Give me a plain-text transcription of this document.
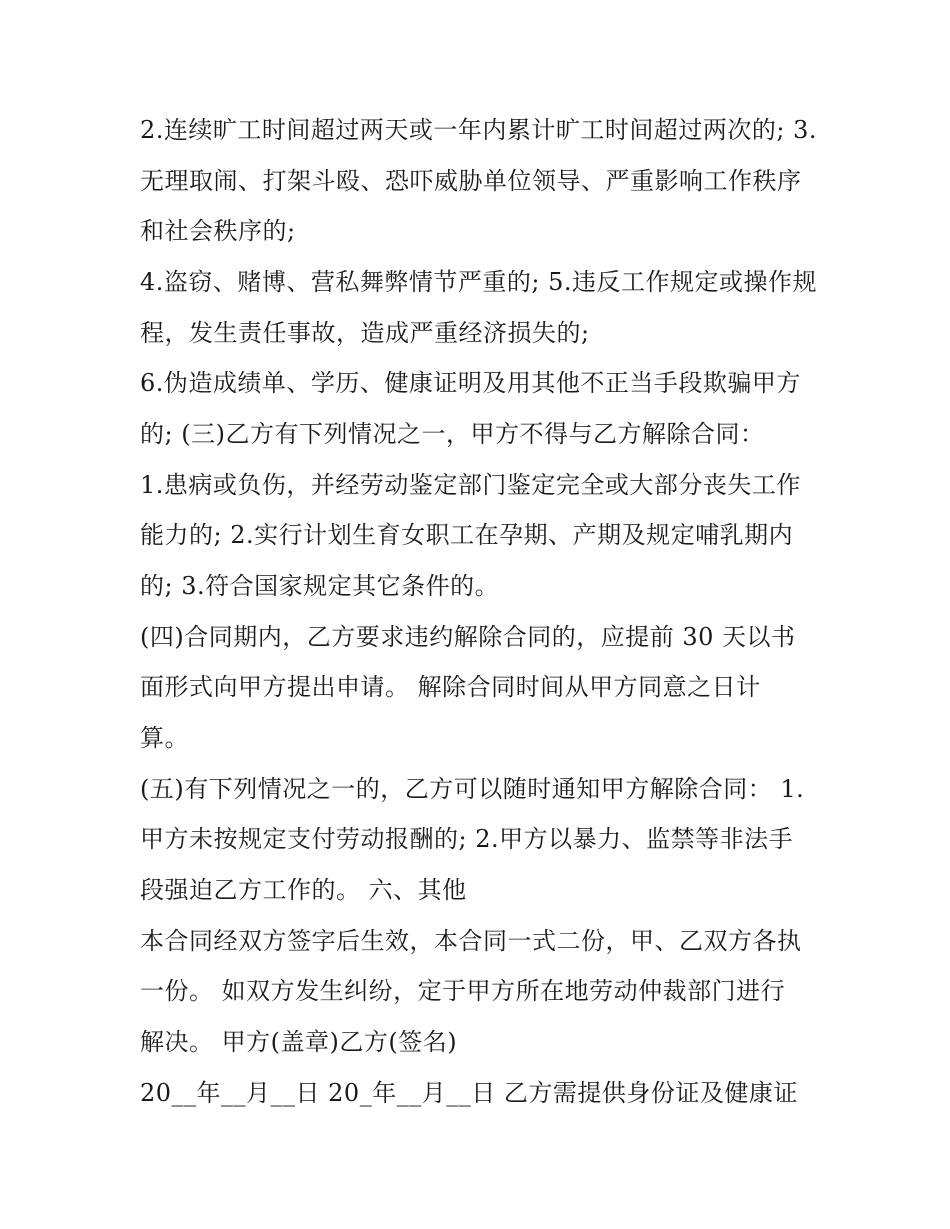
2.连续旷工时间超过两天或一年内累计旷工时间超过两次的; 3.
无理取闹、打架斗殴、恐吓威胁单位领导、严重影响工作秩序
和社会秩序的;
4.盗窃、赌博、营私舞弊情节严重的; 5.违反工作规定或操作规
程，发生责任事故，造成严重经济损失的;
6.伪造成绩单、学历、健康证明及用其他不正当手段欺骗甲方
的; (三)乙方有下列情况之一，甲方不得与乙方解除合同：
1.患病或负伤，并经劳动鉴定部门鉴定完全或大部分丧失工作
能力的; 2.实行计划生育女职工在孕期、产期及规定哺乳期内
的; 3.符合国家规定其它条件的。
(四)合同期内，乙方要求违约解除合同的，应提前 30 天以书
面形式向甲方提出申请。 解除合同时间从甲方同意之日计
算。
(五)有下列情况之一的，乙方可以随时通知甲方解除合同： 1.
甲方未按规定支付劳动报酬的; 2.甲方以暴力、监禁等非法手
段强迫乙方工作的。 六、其他
本合同经双方签字后生效，本合同一式二份，甲、乙双方各执
一份。 如双方发生纠纷，定于甲方所在地劳动仲裁部门进行
解决。 甲方(盖章)乙方(签名)
20__年__月__日 20_年__月__日 乙方需提供身份证及健康证
